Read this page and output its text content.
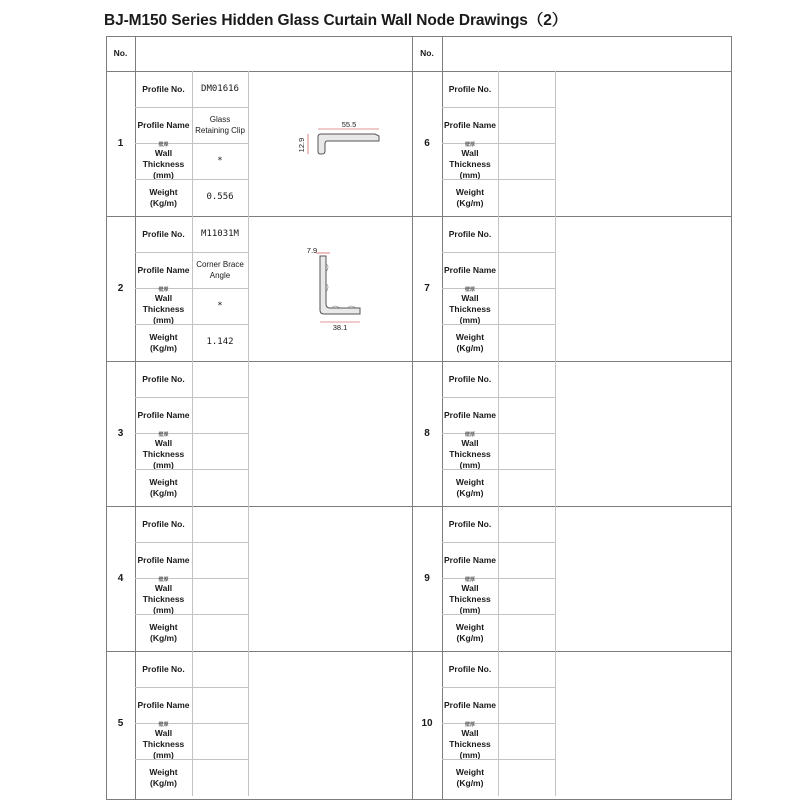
BJ-M150 Series Hidden Glass Curtain Wall Node Drawings（2）
No.	No.
1
Profile No. DM01616
Profile Name	Glass Retaining Clip
壁厚
Wall Thickness
(mm)
*
Weight
(Kg/m)
0.556
6
Profile No.
Profile Name
壁厚
Wall Thickness
(mm)
Weight
(Kg/m)
2
Profile No. M11031M
Profile Name Corner Brace Angle
壁厚
Wall Thickness
(mm)
*
Weight
(Kg/m)
1.142
7
Profile No.
Profile Name
壁厚
Wall Thickness
(mm)
Weight
(Kg/m)
3
Profile No.
Profile Name
壁厚
Wall Thickness
(mm)
Weight
(Kg/m)
8
Profile No.
Profile Name
壁厚
Wall Thickness
(mm)
Weight
(Kg/m)
4
Profile No.
Profile Name
壁厚
Wall Thickness
(mm)
Weight
(Kg/m)
9
Profile No.
Profile Name
壁厚
Wall Thickness
(mm)
Weight
(Kg/m)
5
Profile No.
Profile Name
壁厚
Wall Thickness
(mm)
Weight
(Kg/m)
10
Profile No.
Profile Name
壁厚
Wall Thickness
(mm)
Weight
(Kg/m)
55.5
12.9
7.9
38.1
